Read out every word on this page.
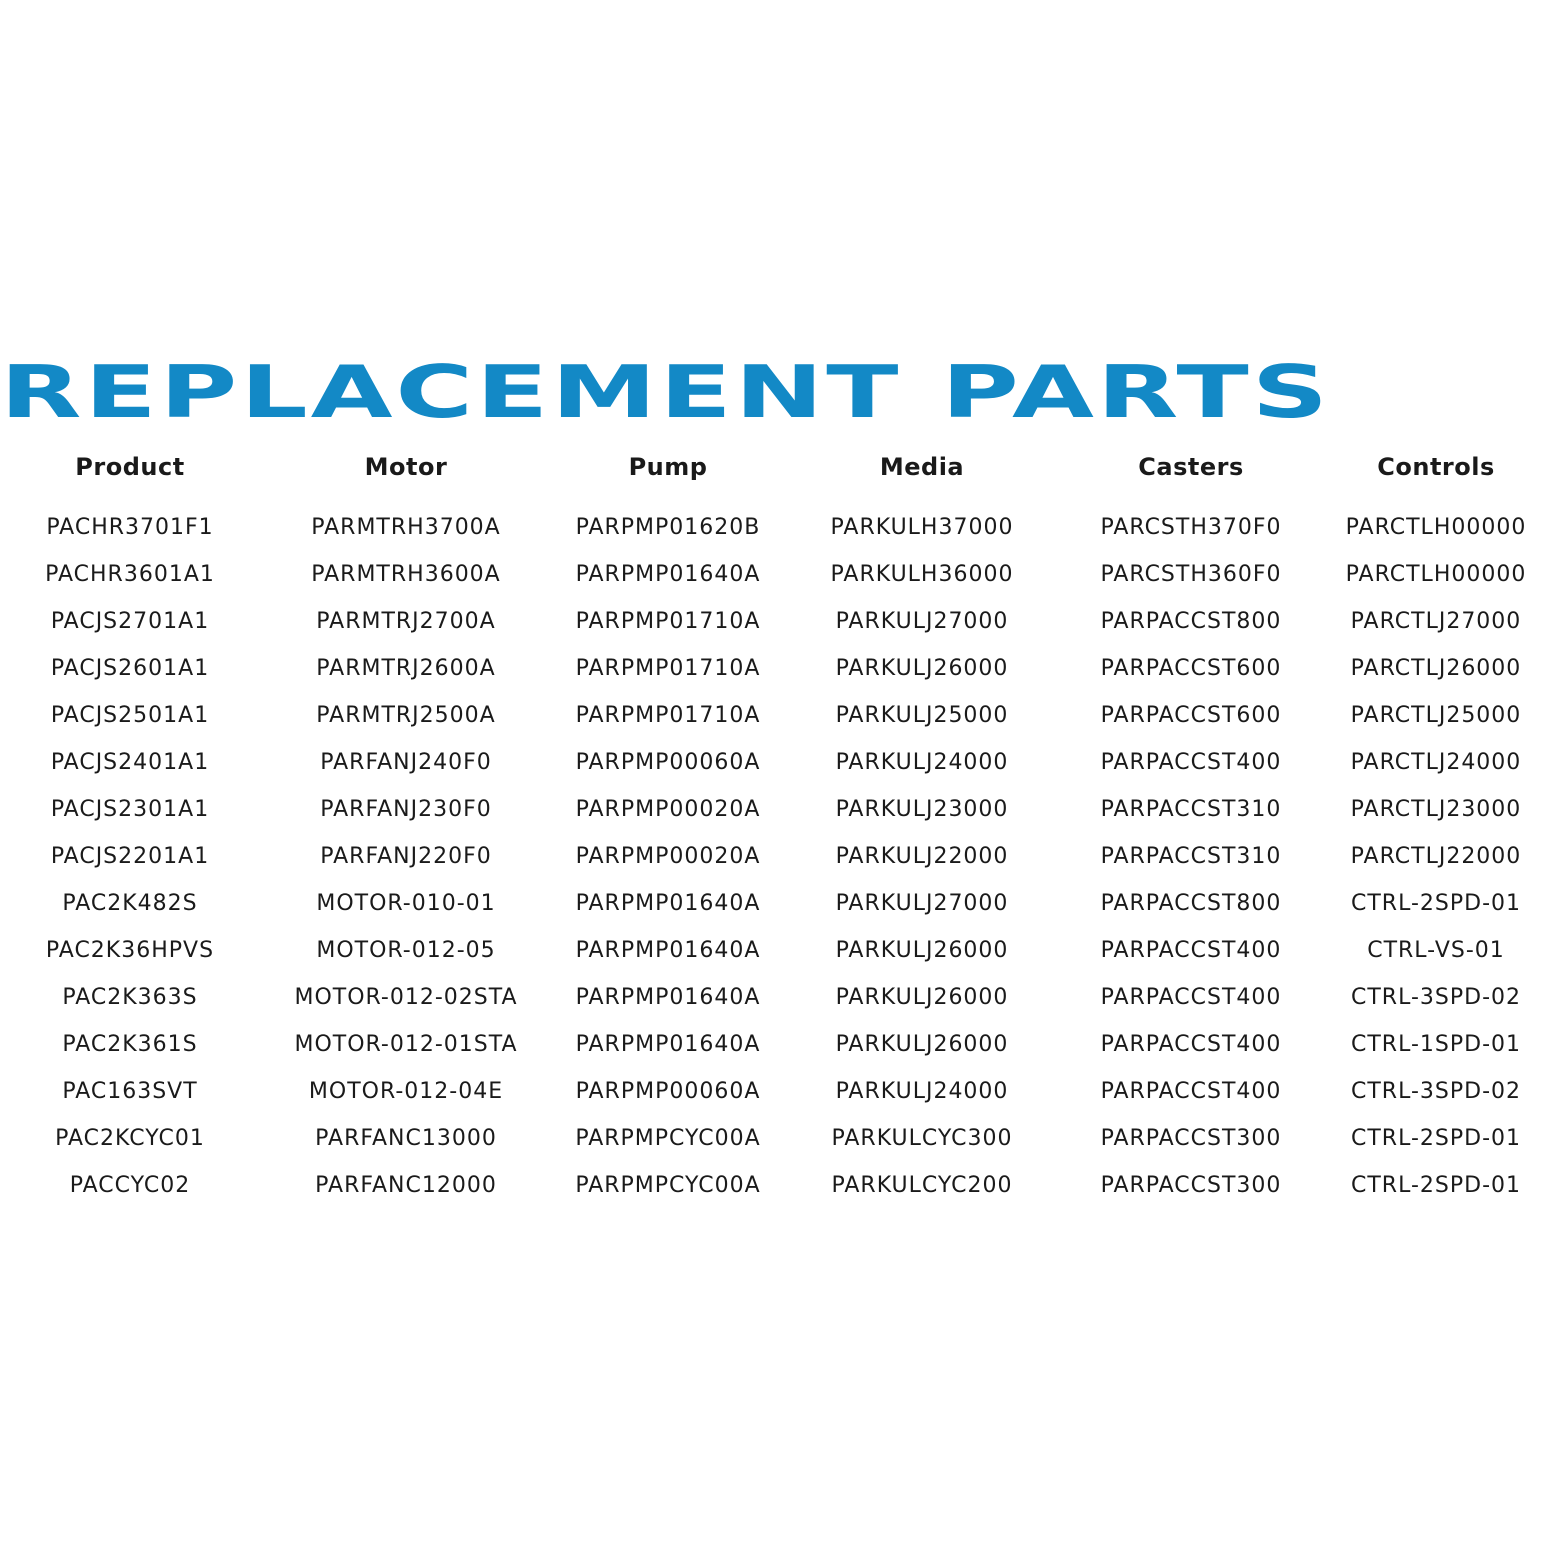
REPLACEMENT PARTS
Product	Motor	Pump	Media	Casters	Controls
PACHR3701F1	PARMTRH3700A	PARPMP01620B	PARKULH37000	PARCSTH370F0	PARCTLH00000
PACHR3601A1	PARMTRH3600A	PARPMP01640A	PARKULH36000	PARCSTH360F0	PARCTLH00000
PACJS2701A1	PARMTRJ2700A	PARPMP01710A	PARKULJ27000	PARPACCST800	PARCTLJ27000
PACJS2601A1	PARMTRJ2600A	PARPMP01710A	PARKULJ26000	PARPACCST600	PARCTLJ26000
PACJS2501A1	PARMTRJ2500A	PARPMP01710A	PARKULJ25000	PARPACCST600	PARCTLJ25000
PACJS2401A1	PARFANJ240F0	PARPMP00060A	PARKULJ24000	PARPACCST400	PARCTLJ24000
PACJS2301A1	PARFANJ230F0	PARPMP00020A	PARKULJ23000	PARPACCST310	PARCTLJ23000
PACJS2201A1	PARFANJ220F0	PARPMP00020A	PARKULJ22000	PARPACCST310	PARCTLJ22000
PAC2K482S	MOTOR-010-01	PARPMP01640A	PARKULJ27000	PARPACCST800	CTRL-2SPD-01
PAC2K36HPVS	MOTOR-012-05	PARPMP01640A	PARKULJ26000	PARPACCST400	CTRL-VS-01
PAC2K363S	MOTOR-012-02STA	PARPMP01640A	PARKULJ26000	PARPACCST400	CTRL-3SPD-02
PAC2K361S	MOTOR-012-01STA	PARPMP01640A	PARKULJ26000	PARPACCST400	CTRL-1SPD-01
PAC163SVT	MOTOR-012-04E	PARPMP00060A	PARKULJ24000	PARPACCST400	CTRL-3SPD-02
PAC2KCYC01	PARFANC13000	PARPMPCYC00A	PARKULCYC300	PARPACCST300	CTRL-2SPD-01
PACCYC02	PARFANC12000	PARPMPCYC00A	PARKULCYC200	PARPACCST300	CTRL-2SPD-01
